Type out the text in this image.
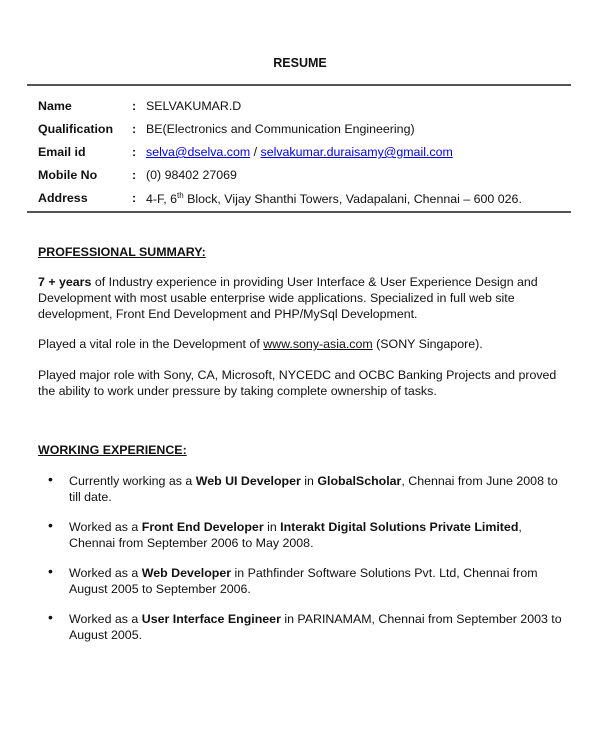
RESUME
Name	: SELVAKUMAR.D
Qualification : BE(Electronics and Communication Engineering)
Email id	: selva@dselva.com / selvakumar.duraisamy@gmail.com
Mobile No	: (0) 98402 27069
Address	: 4-F, 6th Block, Vijay Shanthi Towers, Vadapalani, Chennai – 600 026.
PROFESSIONAL SUMMARY:
7 + years of Industry experience in providing User Interface & User Experience Design and Development with most usable enterprise wide applications. Specialized in full web site development, Front End Development and PHP/MySql Development.
Played a vital role in the Development of www.sony-asia.com (SONY Singapore).
Played major role with Sony, CA, Microsoft, NYCEDC and OCBC Banking Projects and proved the ability to work under pressure by taking complete ownership of tasks.
WORKING EXPERIENCE:
• Currently working as a Web UI Developer in GlobalScholar, Chennai from June 2008 to till date.
• Worked as a Front End Developer in Interakt Digital Solutions Private Limited, Chennai from September 2006 to May 2008.
• Worked as a Web Developer in Pathfinder Software Solutions Pvt. Ltd, Chennai from August 2005 to September 2006.
• Worked as a User Interface Engineer in PARINAMAM, Chennai from September 2003 to August 2005.
